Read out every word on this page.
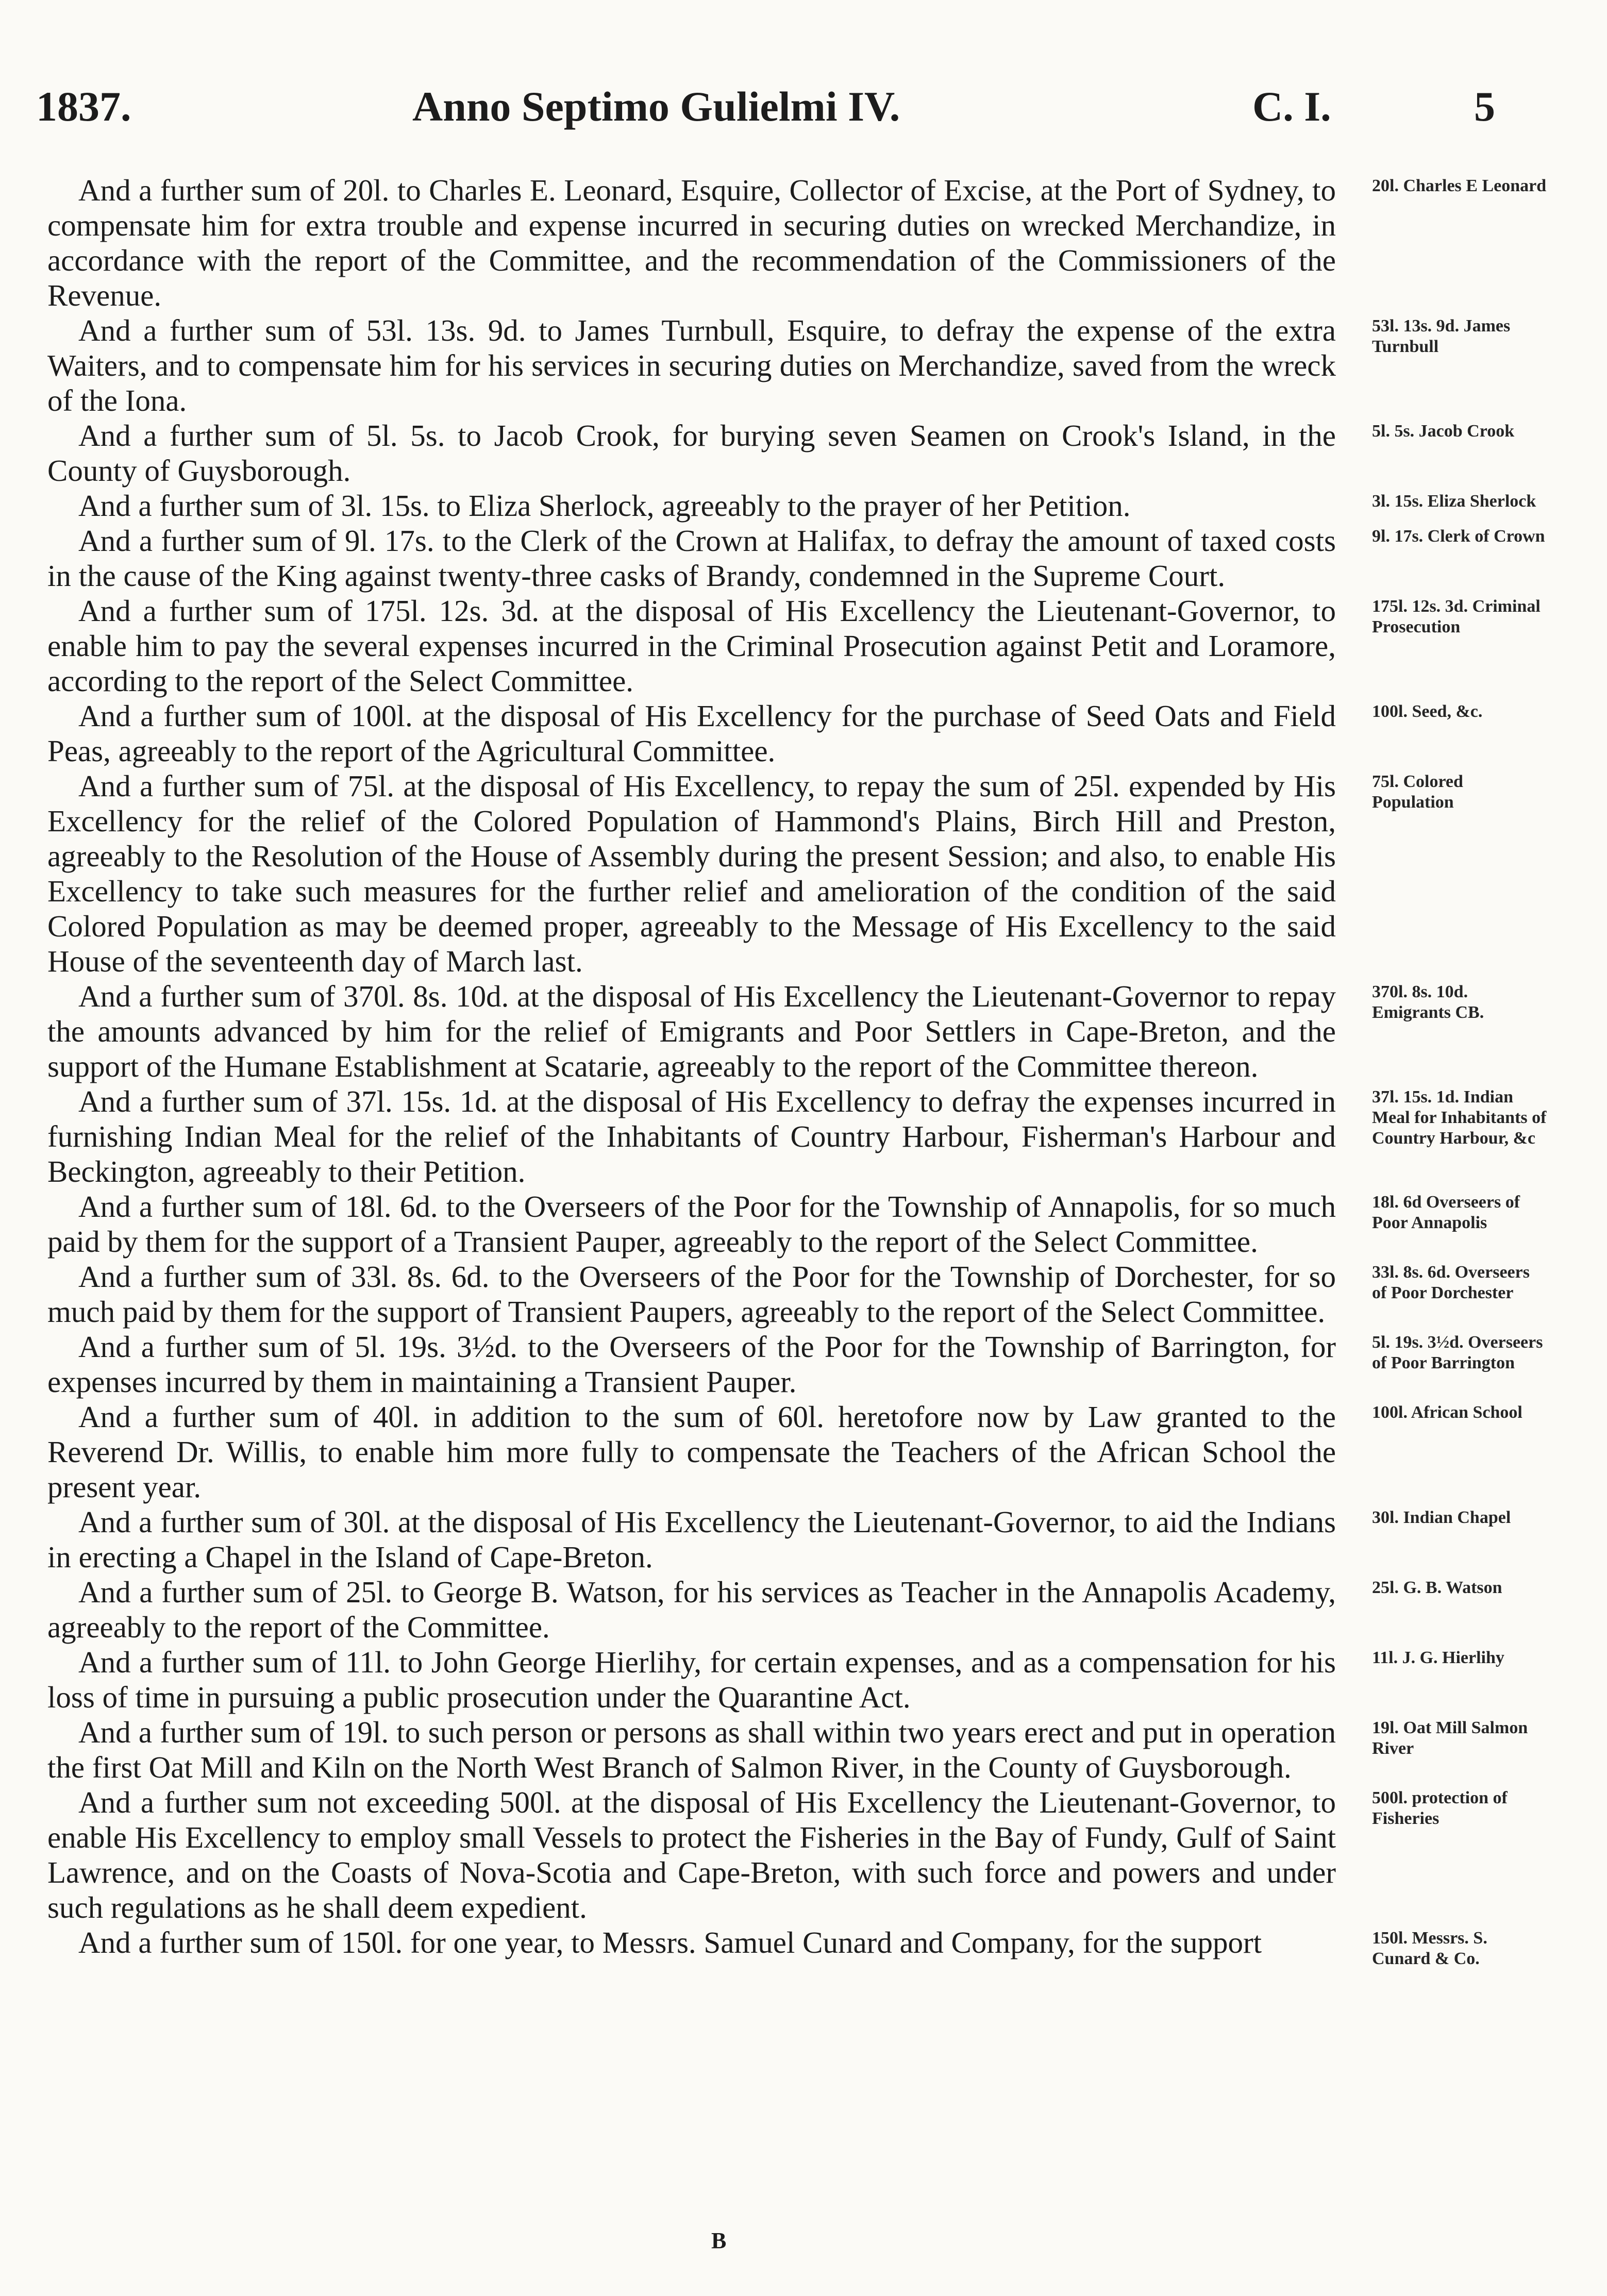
1837.	Anno Septimo Gulielmi IV.	C. I.	5

And a further sum of 20l. to Charles E. Leonard, Esquire, Collector of Excise, at the Port of Sydney, to compensate him for extra trouble and expense incurred in securing duties on wrecked Merchandize, in accordance with the report of the Committee, and the recommendation of the Commissioners of the Revenue.

20l. Charles E Leonard

And a further sum of 53l. 13s. 9d. to James Turnbull, Esquire, to defray the expense of the extra Waiters, and to compensate him for his services in securing duties on Merchandize, saved from the wreck of the Iona.

53l. 13s. 9d. James Turnbull

And a further sum of 5l. 5s. to Jacob Crook, for burying seven Seamen on Crook's Island, in the County of Guysborough.

5l. 5s. Jacob Crook

And a further sum of 3l. 15s. to Eliza Sherlock, agreeably to the prayer of her Petition.	3l. 15s. Eliza Sherlock

And a further sum of 9l. 17s. to the Clerk of the Crown at Halifax, to defray the amount of taxed costs in the cause of the King against twenty-three casks of Brandy, condemned in the Supreme Court.

9l. 17s. Clerk of Crown

And a further sum of 175l. 12s. 3d. at the disposal of His Excellency the Lieutenant-Governor, to enable him to pay the several expenses incurred in the Criminal Prosecution against Petit and Loramore, according to the report of the Select Committee.

175l. 12s. 3d. Criminal Prosecution

And a further sum of 100l. at the disposal of His Excellency for the purchase of Seed Oats and Field Peas, agreeably to the report of the Agricultural Committee.

100l. Seed, &c.

And a further sum of 75l. at the disposal of His Excellency, to repay the sum of 25l. expended by His Excellency for the relief of the Colored Population of Hammond's Plains, Birch Hill and Preston, agreeably to the Resolution of the House of Assembly during the present Session; and also, to enable His Excellency to take such measures for the further relief and amelioration of the condition of the said Colored Population as may be deemed proper, agreeably to the Message of His Excellency to the said House of the seventeenth day of March last.

75l. Colored Population

And a further sum of 370l. 8s. 10d. at the disposal of His Excellency the Lieutenant-Governor to repay the amounts advanced by him for the relief of Emigrants and Poor Settlers in Cape-Breton, and the support of the Humane Establishment at Scatarie, agreeably to the report of the Committee thereon.

370l. 8s. 10d. Emigrants CB.

And a further sum of 37l. 15s. 1d. at the disposal of His Excellency to defray the expenses incurred in furnishing Indian Meal for the relief of the Inhabitants of Country Harbour, Fisherman's Harbour and Beckington, agreeably to their Petition.

37l. 15s. 1d. Indian Meal for Inhabitants of Country Harbour, &c

And a further sum of 18l. 6d. to the Overseers of the Poor for the Township of Annapolis, for so much paid by them for the support of a Transient Pauper, agreeably to the report of the Select Committee.

18l. 6d Overseers of Poor Annapolis

And a further sum of 33l. 8s. 6d. to the Overseers of the Poor for the Township of Dorchester, for so much paid by them for the support of Transient Paupers, agreeably to the report of the Select Committee.

33l. 8s. 6d. Overseers of Poor Dorchester

And a further sum of 5l. 19s. 3½d. to the Overseers of the Poor for the Township of Barrington, for expenses incurred by them in maintaining a Transient Pauper.

5l. 19s. 3½d. Overseers of Poor Barrington

And a further sum of 40l. in addition to the sum of 60l. heretofore now by Law granted to the Reverend Dr. Willis, to enable him more fully to compensate the Teachers of the African School the present year.

100l. African School

And a further sum of 30l. at the disposal of His Excellency the Lieutenant-Governor, to aid the Indians in erecting a Chapel in the Island of Cape-Breton.

30l. Indian Chapel

And a further sum of 25l. to George B. Watson, for his services as Teacher in the Annapolis Academy, agreeably to the report of the Committee.

25l. G. B. Watson

And a further sum of 11l. to John George Hierlihy, for certain expenses, and as a compensation for his loss of time in pursuing a public prosecution under the Quarantine Act.

11l. J. G. Hierlihy

And a further sum of 19l. to such person or persons as shall within two years erect and put in operation the first Oat Mill and Kiln on the North West Branch of Salmon River, in the County of Guysborough.

19l. Oat Mill Salmon River

And a further sum not exceeding 500l. at the disposal of His Excellency the Lieutenant-Governor, to enable His Excellency to employ small Vessels to protect the Fisheries in the Bay of Fundy, Gulf of Saint Lawrence, and on the Coasts of Nova-Scotia and Cape-Breton, with such force and powers and under such regulations as he shall deem expedient.

500l. protection of Fisheries

And a further sum of 150l. for one year, to Messrs. Samuel Cunard and Company, for the support	150l. Messrs. S. Cunard & Co.
B
